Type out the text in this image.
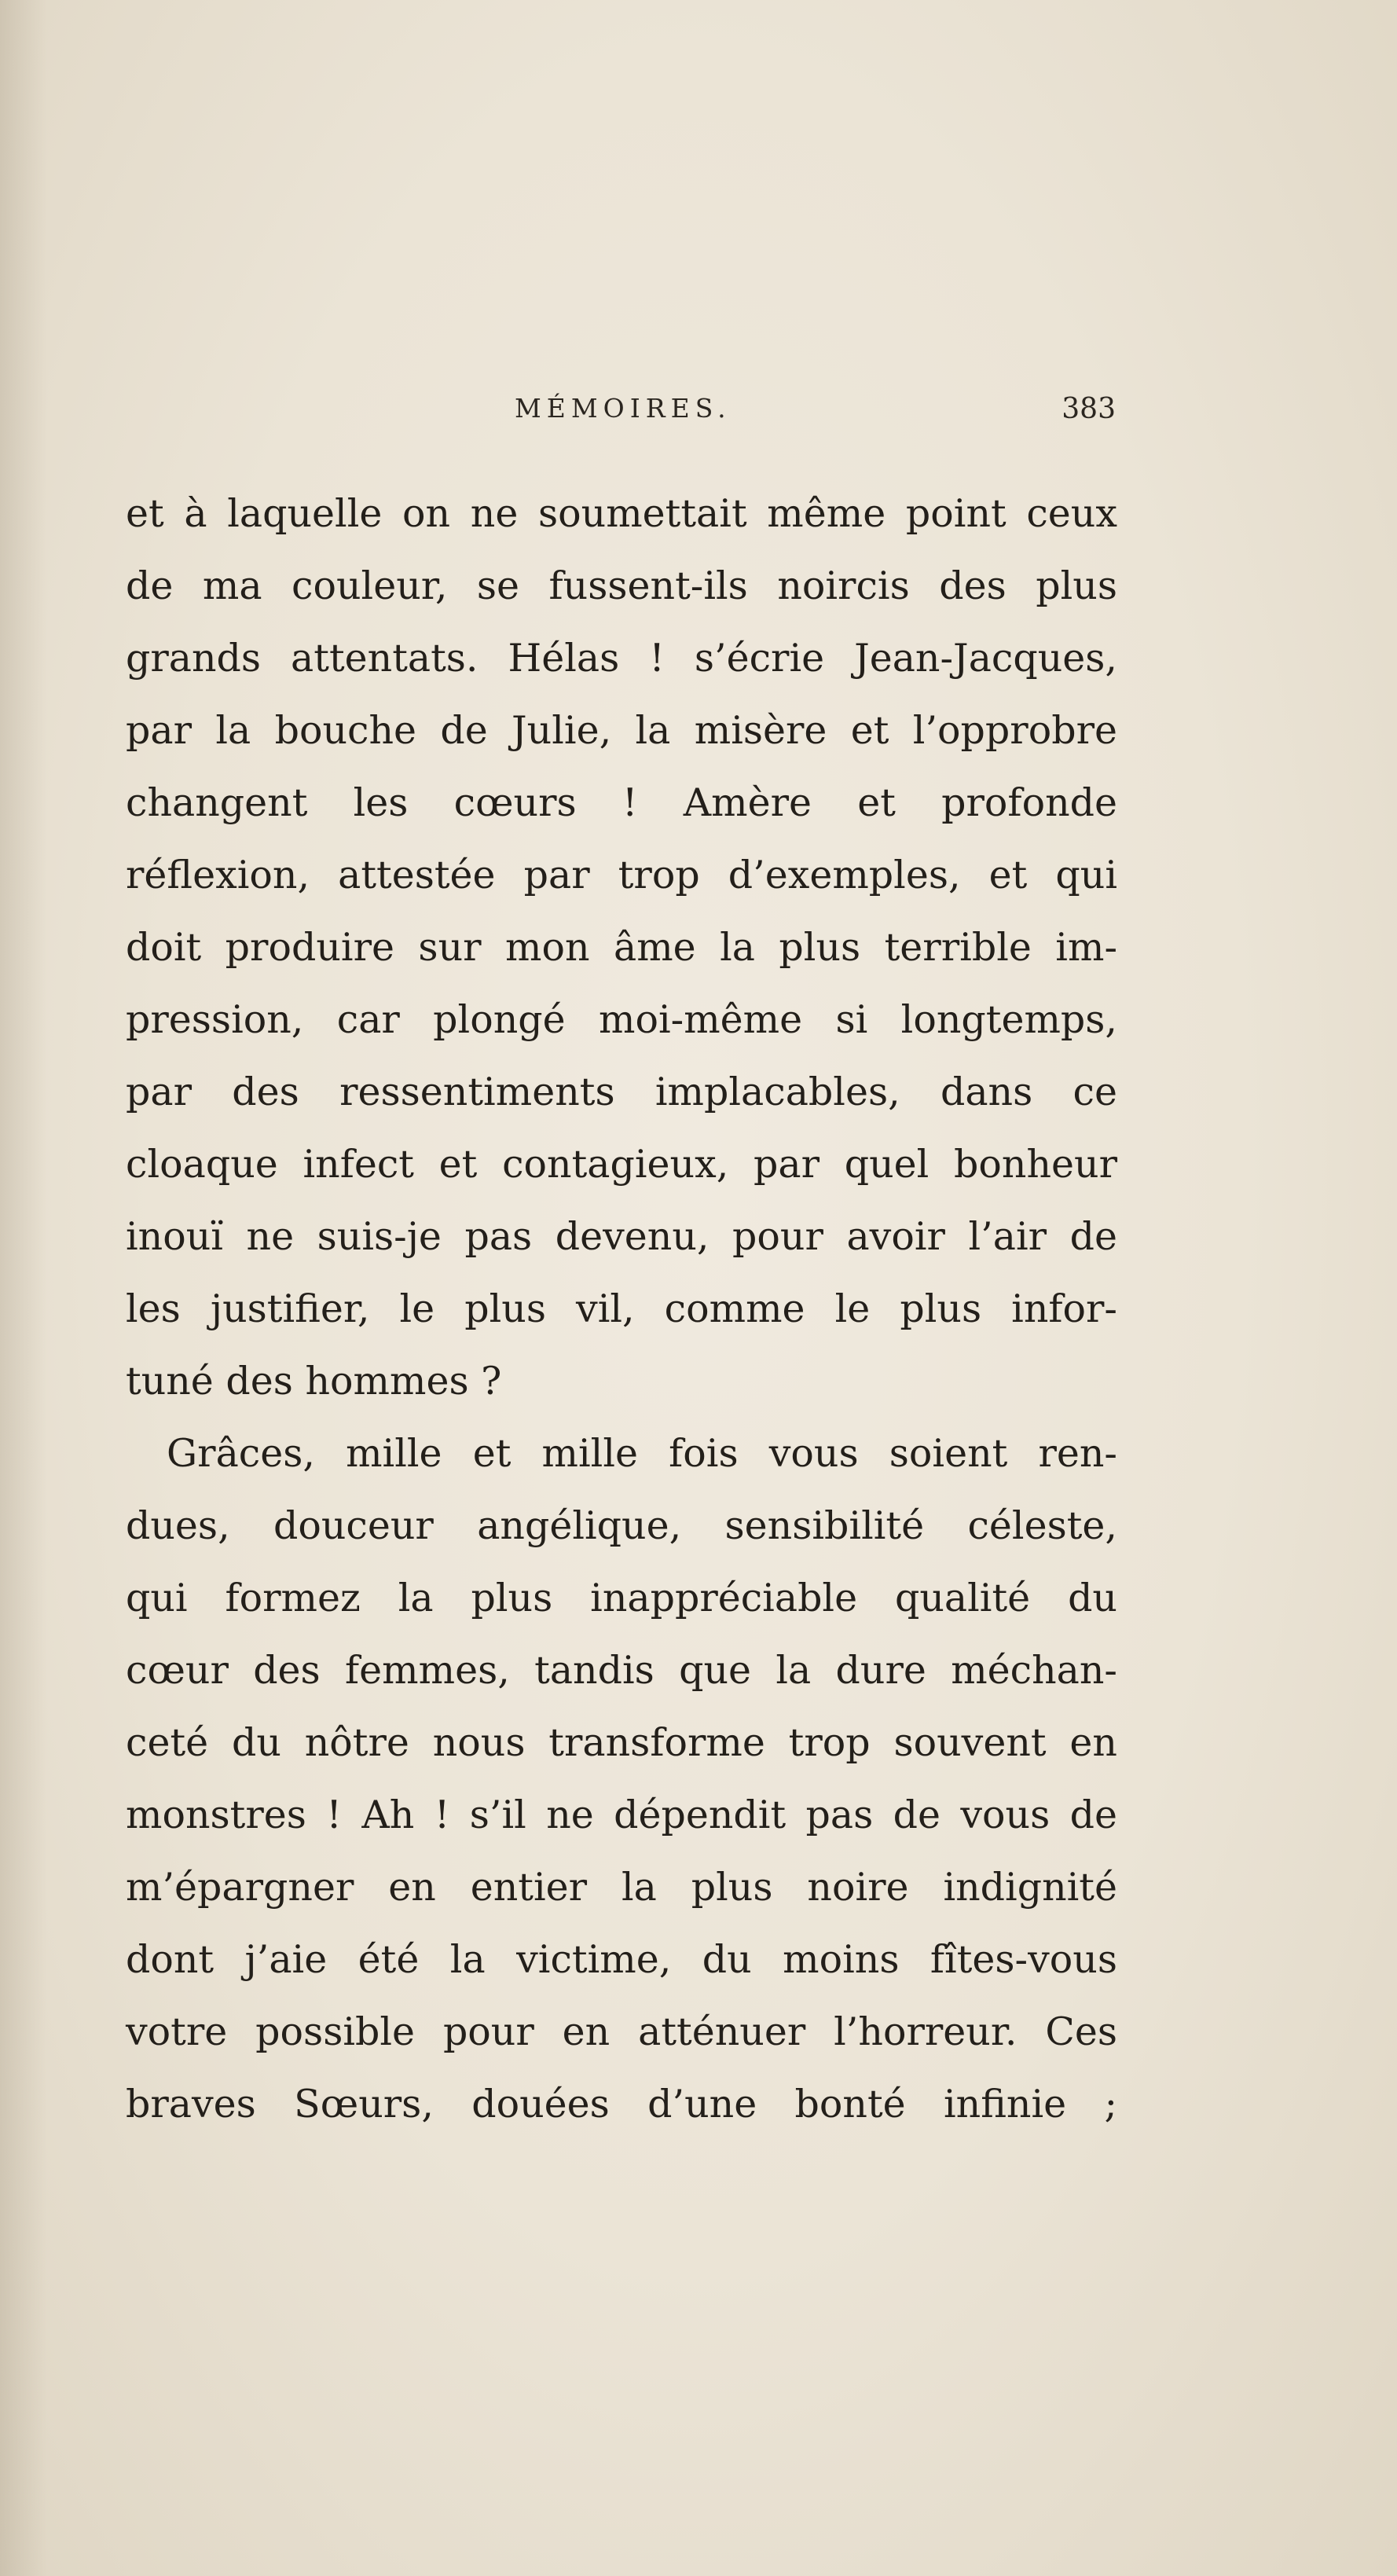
MÉMOIRES.	383
et à laquelle on ne soumettait même point ceux
de ma couleur, se fussent-ils noircis des plus
grands attentats. Hélas ! s’écrie Jean-Jacques,
par la bouche de Julie, la misère et l’opprobre
changent les cœurs ! Amère et profonde
réflexion, attestée par trop d’exemples, et qui
doit produire sur mon âme la plus terrible im-
pression, car plongé moi-même si longtemps,
par des ressentiments implacables, dans ce
cloaque infect et contagieux, par quel bonheur
inouï ne suis-je pas devenu, pour avoir l’air de
les justifier, le plus vil, comme le plus infor-
tuné des hommes ?
Grâces, mille et mille fois vous soient ren-
dues, douceur angélique, sensibilité céleste,
qui formez la plus inappréciable qualité du
cœur des femmes, tandis que la dure méchan-
ceté du nôtre nous transforme trop souvent en
monstres ! Ah ! s’il ne dépendit pas de vous de
m’épargner en entier la plus noire indignité
dont j’aie été la victime, du moins fîtes-vous
votre possible pour en atténuer l’horreur. Ces
braves Sœurs, douées d’une bonté infinie ;
